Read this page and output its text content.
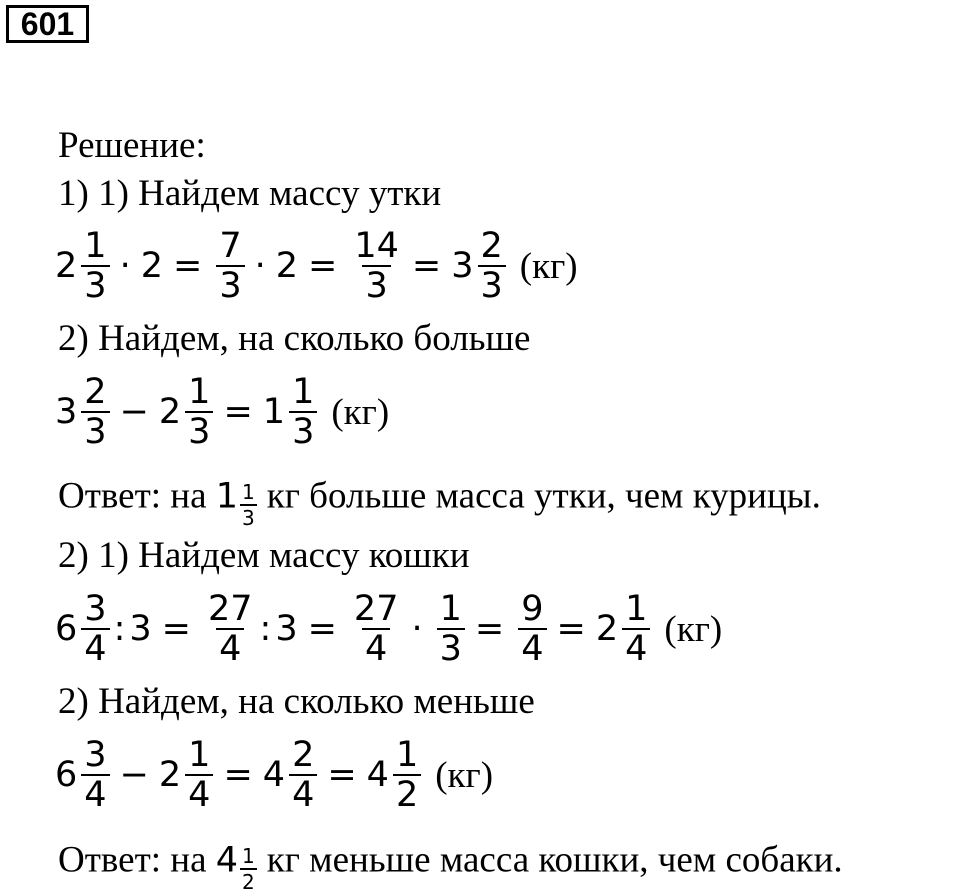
601
Решение:
1) 1) Найдем массу утки
$2 \frac{1}{3} \cdot 2 = \frac{7}{3} \cdot 2 = \frac{14}{3} = 3 \frac{2}{3} (кг)$
2) Найдем, на сколько больше
$3 \frac{2}{3} - 2 \frac{1}{3} = 1 \frac{1}{3} (кг)$
Ответ: на $1 \frac{1}{3}$ кг больше масса утки, чем курицы.
2) 1) Найдем массу кошки
$6 \frac{3}{4}$ : $3 = \frac{27}{4}$ : $3 = \frac{27}{4} \cdot \frac{1}{3} = \frac{9}{4} = 2 \frac{1}{4} (кг)$
2) Найдем, на сколько меньше
$6 \frac{3}{4} - 2 \frac{1}{4} = 4 \frac{2}{4} = 4 \frac{1}{2} (кг)$
Ответ: на $4 \frac{1}{2}$ кг меньше масса кошки, чем собаки.
